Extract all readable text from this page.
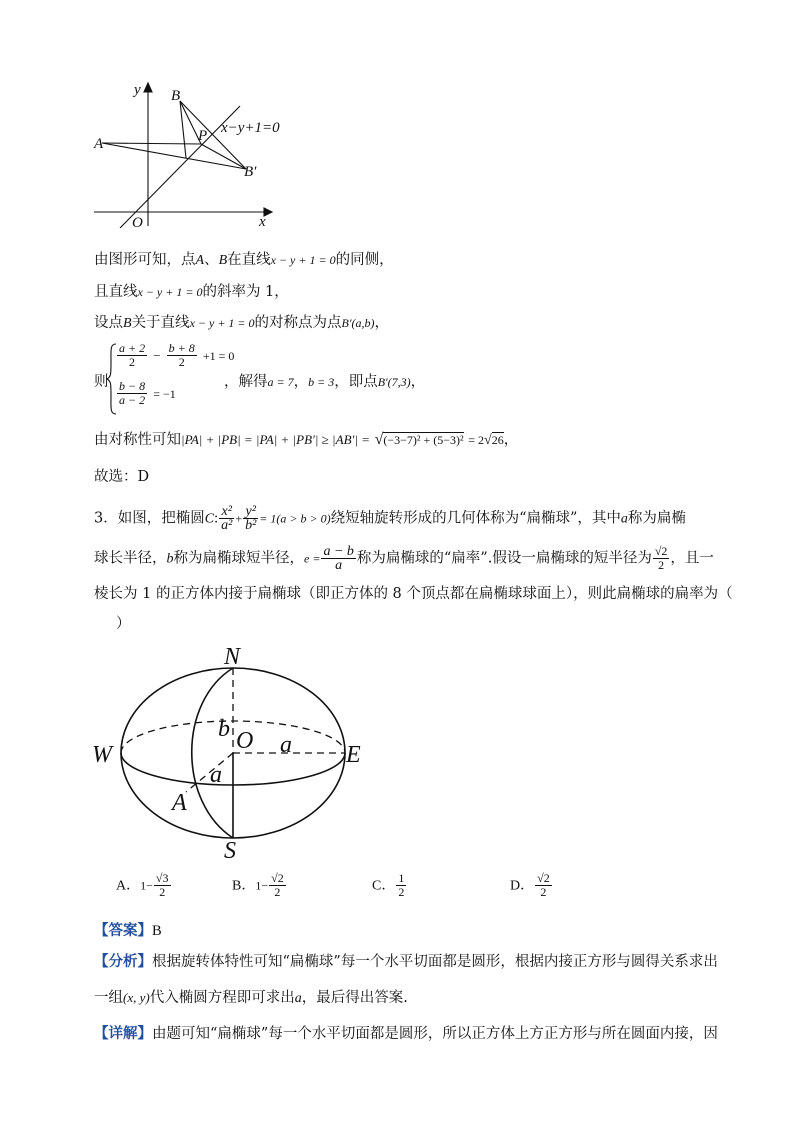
y
x
O
A
B
P
B′
x−y+1=0
由图形可知，点A、B在直线x − y + 1 = 0的同侧，
且直线x − y + 1 = 0的斜率为 1，
设点B关于直线x − y + 1 = 0的对称点为点B′(a,b)，
则
$\frac{a + 2}{2} - \frac{b + 8}{2} +1 = 0$
$\frac{b - 8}{a - 2} = -1$
，解得a = 7，b = 3，即点B′(7,3)，
由对称性可知|PA| + |PB| = |PA| + |PB′| ≥ |AB′| = √(−3−7)² + (5−3)² = 2√26，
故选：D
3．如图，把椭圆C: $\frac{\text{x²}}{\text{a²}} + \frac{\text{y²}}{\text{b²}} = 1(a > b > 0)$绕短轴旋转形成的几何体称为“扁椭球”，其中a称为扁椭
球长半径，b称为扁椭球短半径，$e = \frac{a - b}{a}$ 称为扁椭球的“扁率”.假设一扁椭球的短半径为 $\frac{√2}{2}$ ，且一
棱长为 1 的正方体内接于扁椭球（即正方体的 8 个顶点都在扁椭球球面上），则此扁椭球的扁率为（
）
N
S
W	E
O
b
a
a
A
A．$1- \frac{√3}{2}$	B．$1- \frac{√2}{2}$	C． $\frac{1}{2}$	D． $\frac{√2}{2}$
【答案】B
【分析】根据旋转体特性可知“扁椭球”每一个水平切面都是圆形，根据内接正方形与圆得关系求出
一组(x, y)代入椭圆方程即可求出a，最后得出答案.
【详解】由题可知“扁椭球”每一个水平切面都是圆形，所以正方体上方正方形与所在圆面内接，因
